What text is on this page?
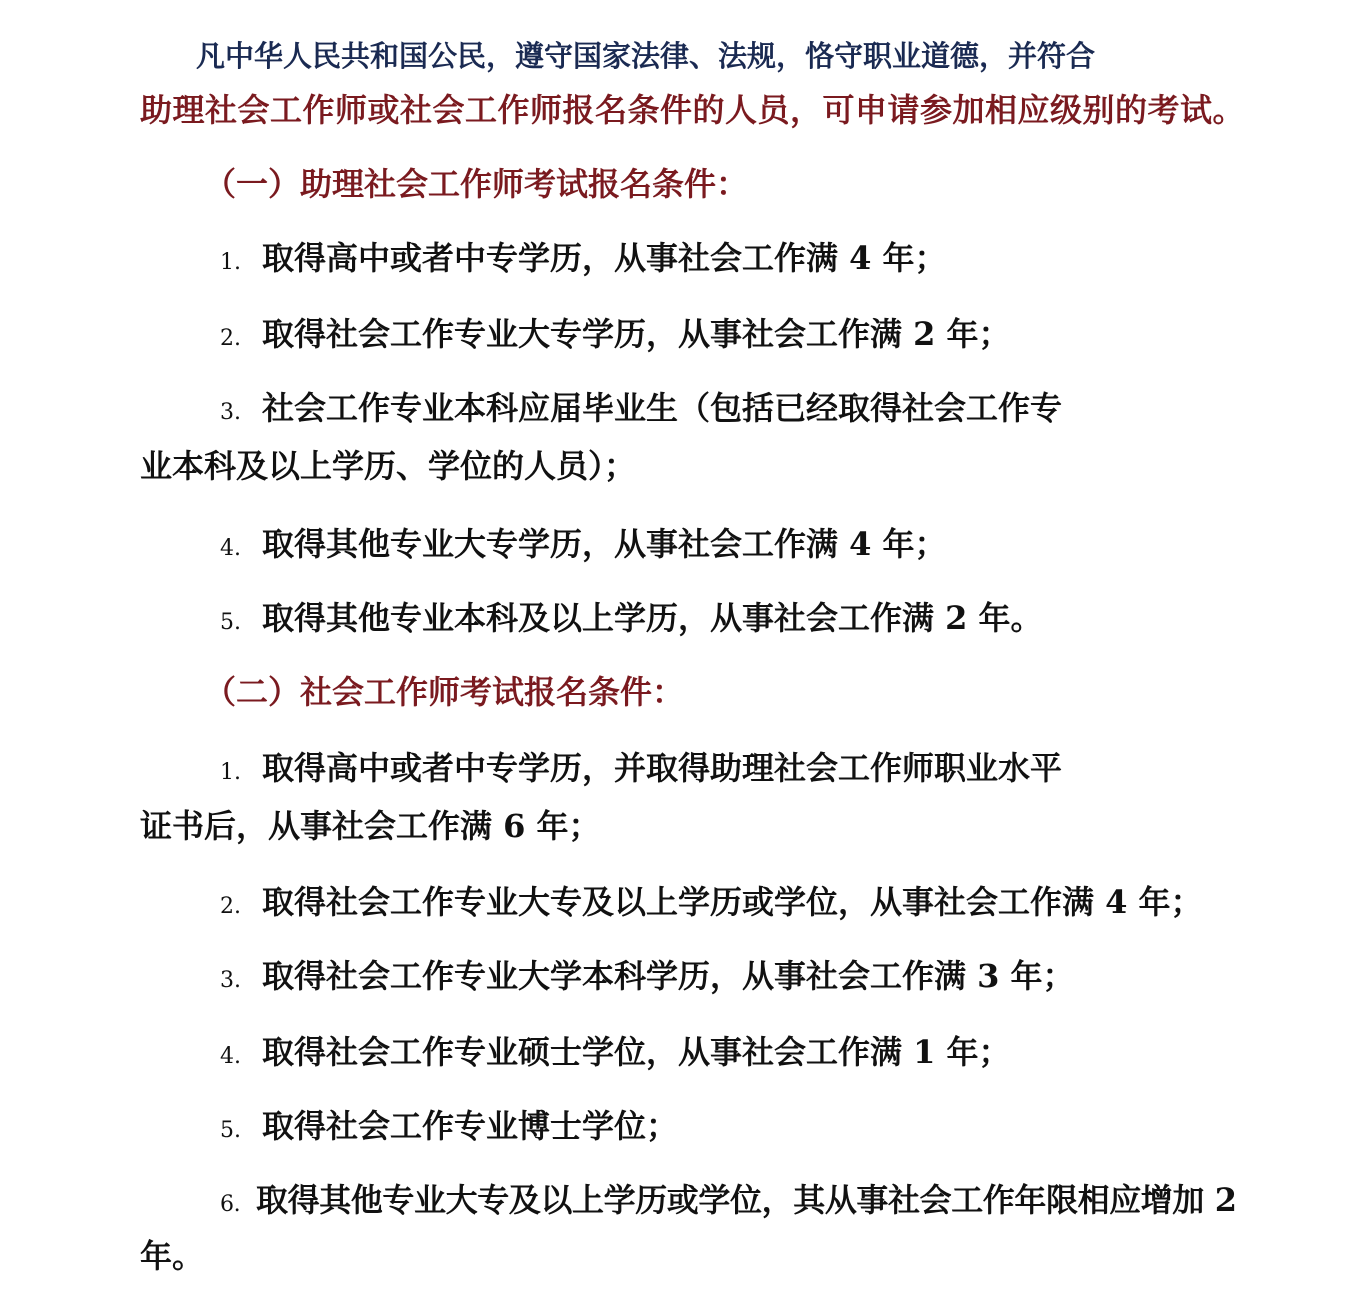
凡中华人民共和国公民，遵守国家法律、法规，恪守职业道德，并符合
助理社会工作师或社会工作师报名条件的人员，可申请参加相应级别的考试。
（一）助理社会工作师考试报名条件：
1. 取得高中或者中专学历，从事社会工作满 4 年；
2. 取得社会工作专业大专学历，从事社会工作满 2 年；
3. 社会工作专业本科应届毕业生（包括已经取得社会工作专
业本科及以上学历、学位的人员）；
4. 取得其他专业大专学历，从事社会工作满 4 年；
5. 取得其他专业本科及以上学历，从事社会工作满 2 年。
（二）社会工作师考试报名条件：
1. 取得高中或者中专学历，并取得助理社会工作师职业水平
证书后，从事社会工作满 6 年；
2. 取得社会工作专业大专及以上学历或学位，从事社会工作满 4 年；
3. 取得社会工作专业大学本科学历，从事社会工作满 3 年；
4. 取得社会工作专业硕士学位，从事社会工作满 1 年；
5. 取得社会工作专业博士学位；
6. 取得其他专业大专及以上学历或学位，其从事社会工作年限相应增加 2
年。
